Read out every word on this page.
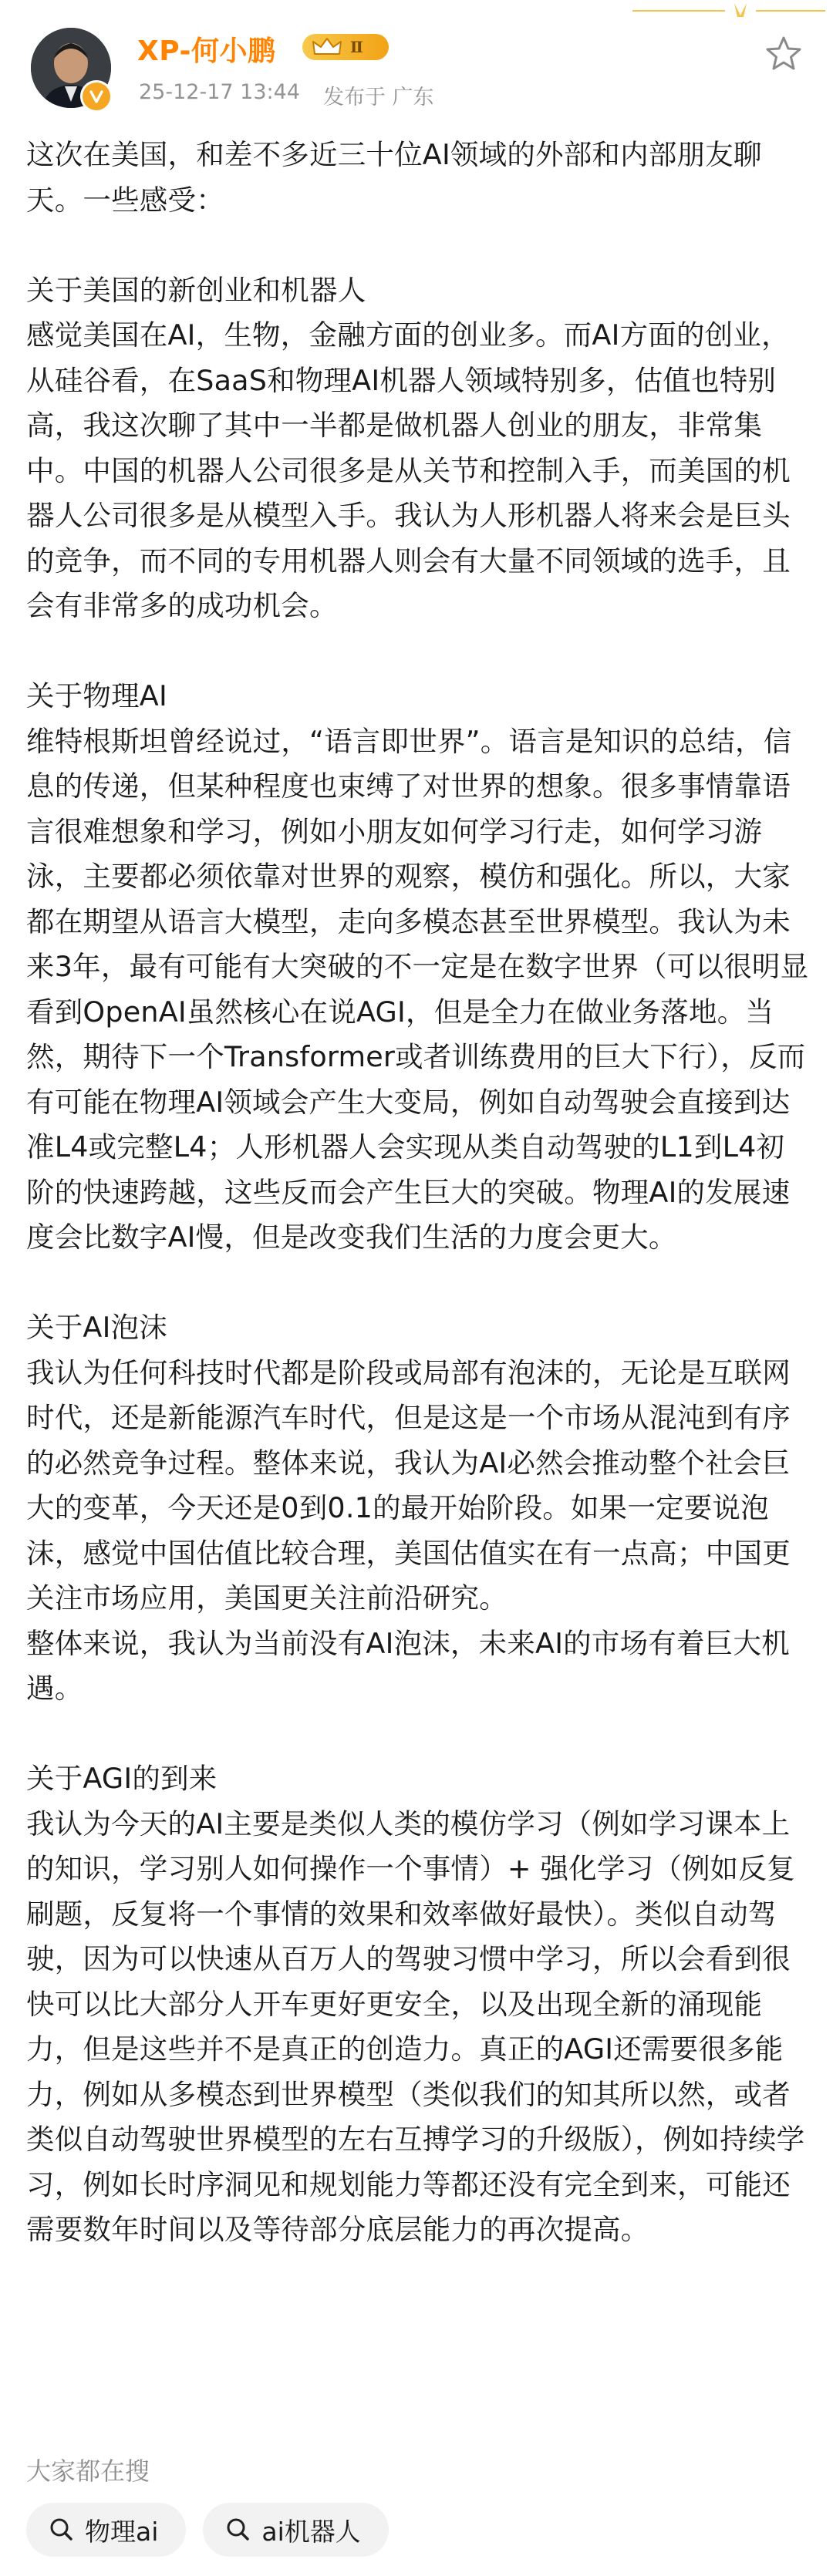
XP-何小鹏	Ⅱ
25-12-17 13:44 发布于 广东

这次在美国，和差不多近三十位AI领域的外部和内部朋友聊天。一些感受：

关于美国的新创业和机器人
感觉美国在AI，生物，金融方面的创业多。而AI方面的创业，从硅谷看，在SaaS和物理AI机器人领域特别多，估值也特别高，我这次聊了其中一半都是做机器人创业的朋友，非常集中。中国的机器人公司很多是从关节和控制入手，而美国的机器人公司很多是从模型入手。我认为人形机器人将来会是巨头的竞争，而不同的专用机器人则会有大量不同领域的选手，且会有非常多的成功机会。

关于物理AI
维特根斯坦曾经说过，“语言即世界”。语言是知识的总结，信息的传递，但某种程度也束缚了对世界的想象。很多事情靠语言很难想象和学习，例如小朋友如何学习行走，如何学习游泳，主要都必须依靠对世界的观察，模仿和强化。所以，大家都在期望从语言大模型，走向多模态甚至世界模型。我认为未来3年，最有可能有大突破的不一定是在数字世界（可以很明显看到OpenAI虽然核心在说AGI，但是全力在做业务落地。当然，期待下一个Transformer或者训练费用的巨大下行），反而有可能在物理AI领域会产生大变局，例如自动驾驶会直接到达准L4或完整L4；人形机器人会实现从类自动驾驶的L1到L4初阶的快速跨越，这些反而会产生巨大的突破。物理AI的发展速度会比数字AI慢，但是改变我们生活的力度会更大。

关于AI泡沫
我认为任何科技时代都是阶段或局部有泡沫的，无论是互联网时代，还是新能源汽车时代，但是这是一个市场从混沌到有序的必然竞争过程。整体来说，我认为AI必然会推动整个社会巨大的变革，今天还是0到0.1的最开始阶段。如果一定要说泡沫，感觉中国估值比较合理，美国估值实在有一点高；中国更关注市场应用，美国更关注前沿研究。
整体来说，我认为当前没有AI泡沫，未来AI的市场有着巨大机遇。

关于AGI的到来
我认为今天的AI主要是类似人类的模仿学习（例如学习课本上的知识，学习别人如何操作一个事情）+ 强化学习（例如反复刷题，反复将一个事情的效果和效率做好最快）。类似自动驾驶，因为可以快速从百万人的驾驶习惯中学习，所以会看到很快可以比大部分人开车更好更安全，以及出现全新的涌现能力，但是这些并不是真正的创造力。真正的AGI还需要很多能力，例如从多模态到世界模型（类似我们的知其所以然，或者类似自动驾驶世界模型的左右互搏学习的升级版），例如持续学习，例如长时序洞见和规划能力等都还没有完全到来，可能还需要数年时间以及等待部分底层能力的再次提高。

大家都在搜
物理ai	ai机器人
